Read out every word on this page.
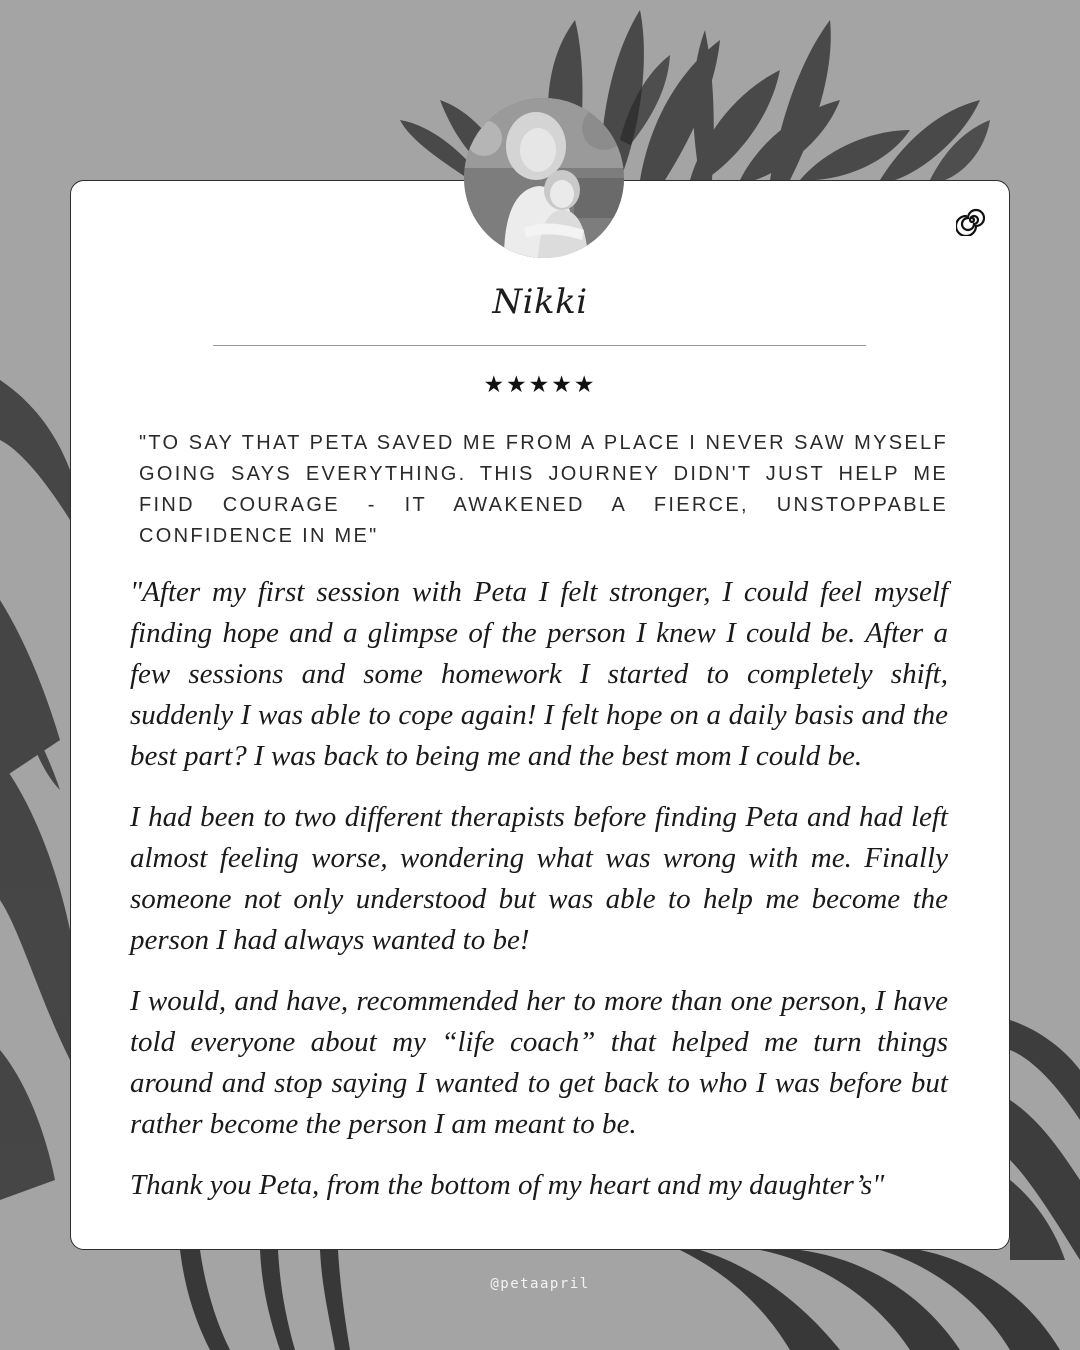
Nikki
★★★★★
"TO SAY THAT PETA SAVED ME FROM A PLACE I NEVER SAW MYSELF GOING SAYS EVERYTHING. THIS JOURNEY DIDN'T JUST HELP ME FIND COURAGE - IT AWAKENED A FIERCE, UNSTOPPABLE CONFIDENCE IN ME"

"After my first session with Peta I felt stronger, I could feel myself finding hope and a glimpse of the person I knew I could be. After a few sessions and some homework I started to completely shift, suddenly I was able to cope again! I felt hope on a daily basis and the best part? I was back to being me and the best mom I could be.

I had been to two different therapists before finding Peta and had left almost feeling worse, wondering what was wrong with me. Finally someone not only understood but was able to help me become the person I had always wanted to be!

I would, and have, recommended her to more than one person, I have told everyone about my “life coach” that helped me turn things around and stop saying I wanted to get back to who I was before but rather become the person I am meant to be.

Thank you Peta, from the bottom of my heart and my daughter’s"

@petaapril
